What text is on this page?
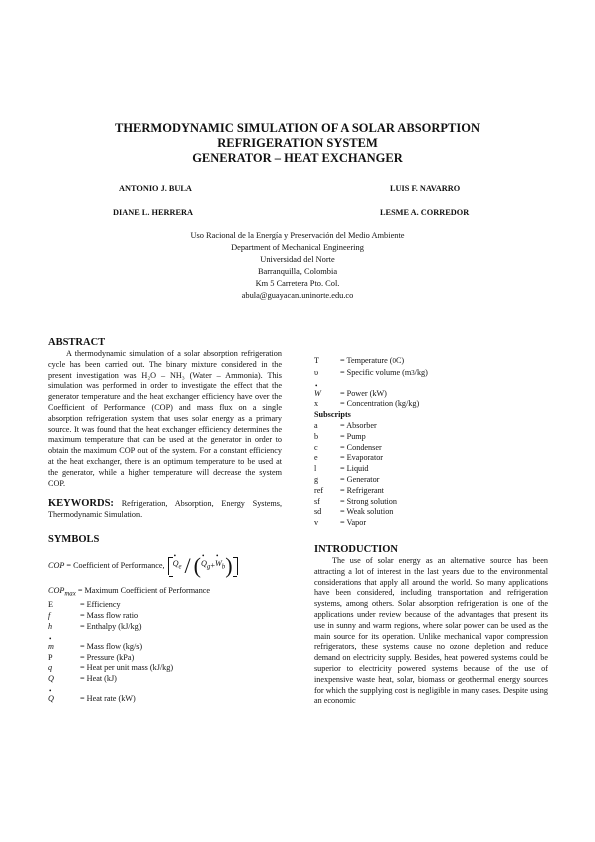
THERMODYNAMIC SIMULATION OF A SOLAR ABSORPTION
REFRIGERATION SYSTEM
GENERATOR – HEAT EXCHANGER
ANTONIO J. BULA	LUIS F. NAVARRO
DIANE L. HERRERA	LESME A. CORREDOR
Uso Racional de la Energía y Preservación del Medio Ambiente
Department of Mechanical Engineering
Universidad del Norte
Barranquilla, Colombia
Km 5 Carretera Pto. Col.
abula@guayacan.uninorte.edu.co
ABSTRACT
A thermodynamic simulation of a solar absorption refrigeration cycle has been carried out. The binary mixture considered in the present investigation was H₂O – NH₃ (Water – Ammonia). This simulation was performed in order to investigate the effect that the generator temperature and the heat exchanger efficiency have over the Coefficient of Performance (COP) and mass flux on a single absorption refrigeration system that uses solar energy as a primary source. It was found that the heat exchanger efficiency determines the maximum temperature that can be used at the generator in order to obtain the maximum COP out of the system. For a constant efficiency at the heat exchanger, there is an optimum temperature to be used at the generator, while a higher temperature will decrease the system COP.
KEYWORDS: Refrigeration, Absorption, Energy Systems, Thermodynamic Simulation.
SYMBOLS
COP
= Coefficient of Performance, • $Q_e$ / ( • $Q_g$ + • $W_b$ )
$COP_{max}$
= Maximum Coefficient of Performance
E	= Efficiency
f	= Mass flow ratio
h	= Enthalpy (kJ/kg)
• m	= Mass flow (kg/s)
P	= Pressure (kPa)
q	= Heat per unit mass (kJ/kg)
Q	= Heat (kJ)
• Q	= Heat rate (kW)
T	= Temperature ( 0 C)
υ	= Specific volume (m 3 /kg)
• W	= Power (kW)
x	= Concentration (kg/kg)
Subscripts
a	= Absorber
b	= Pump
c	= Condenser
e	= Evaporator
l	= Liquid
g	= Generator
ref	= Refrigerant
sf	= Strong solution
sd	= Weak solution
v	= Vapor
INTRODUCTION
The use of solar energy as an alternative source has been attracting a lot of interest in the last years due to the environmental considerations that apply all around the world. So many applications have been considered, including transportation and refrigeration systems, among others. Solar absorption refrigeration is one of the applications under review because of the advantages that present its use in sunny and warm regions, where solar power can be used as the main source for its operation. Unlike mechanical vapor compression refrigerators, these systems cause no ozone depletion and reduce demand on electricity supply. Besides, heat powered systems could be superior to electricity powered systems because of the use of inexpensive waste heat, solar, biomass or geothermal energy sources for which the supplying cost is negligible in many cases. Despite using an economic
